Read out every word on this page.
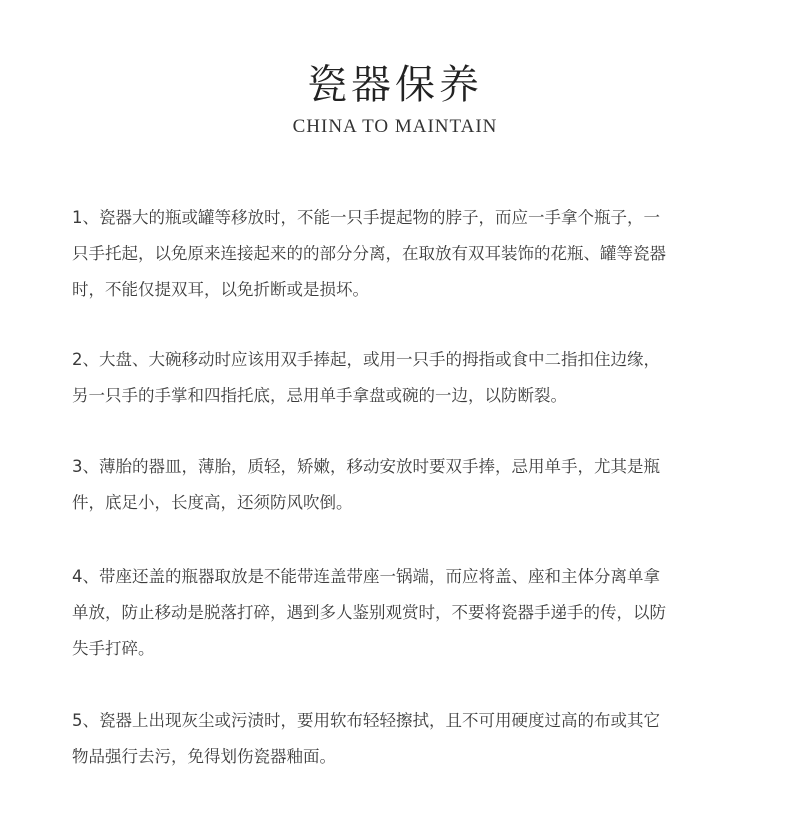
瓷器保养
CHINA TO MAINTAIN
1、瓷器大的瓶或罐等移放时，不能一只手提起物的脖子，而应一手拿个瓶子，一
只手托起，以免原来连接起来的的部分分离，在取放有双耳装饰的花瓶、罐等瓷器
时，不能仅提双耳，以免折断或是损坏。
2、大盘、大碗移动时应该用双手捧起，或用一只手的拇指或食中二指扣住边缘，
另一只手的手掌和四指托底，忌用单手拿盘或碗的一边，以防断裂。
3、薄胎的器皿，薄胎，质轻，矫嫩，移动安放时要双手捧，忌用单手，尤其是瓶
件，底足小，长度高，还须防风吹倒。
4、带座还盖的瓶器取放是不能带连盖带座一锅端，而应将盖、座和主体分离单拿
单放，防止移动是脱落打碎，遇到多人鉴别观赏时，不要将瓷器手递手的传，以防
失手打碎。
5、瓷器上出现灰尘或污渍时，要用软布轻轻擦拭，且不可用硬度过高的布或其它
物品强行去污，免得划伤瓷器釉面。
